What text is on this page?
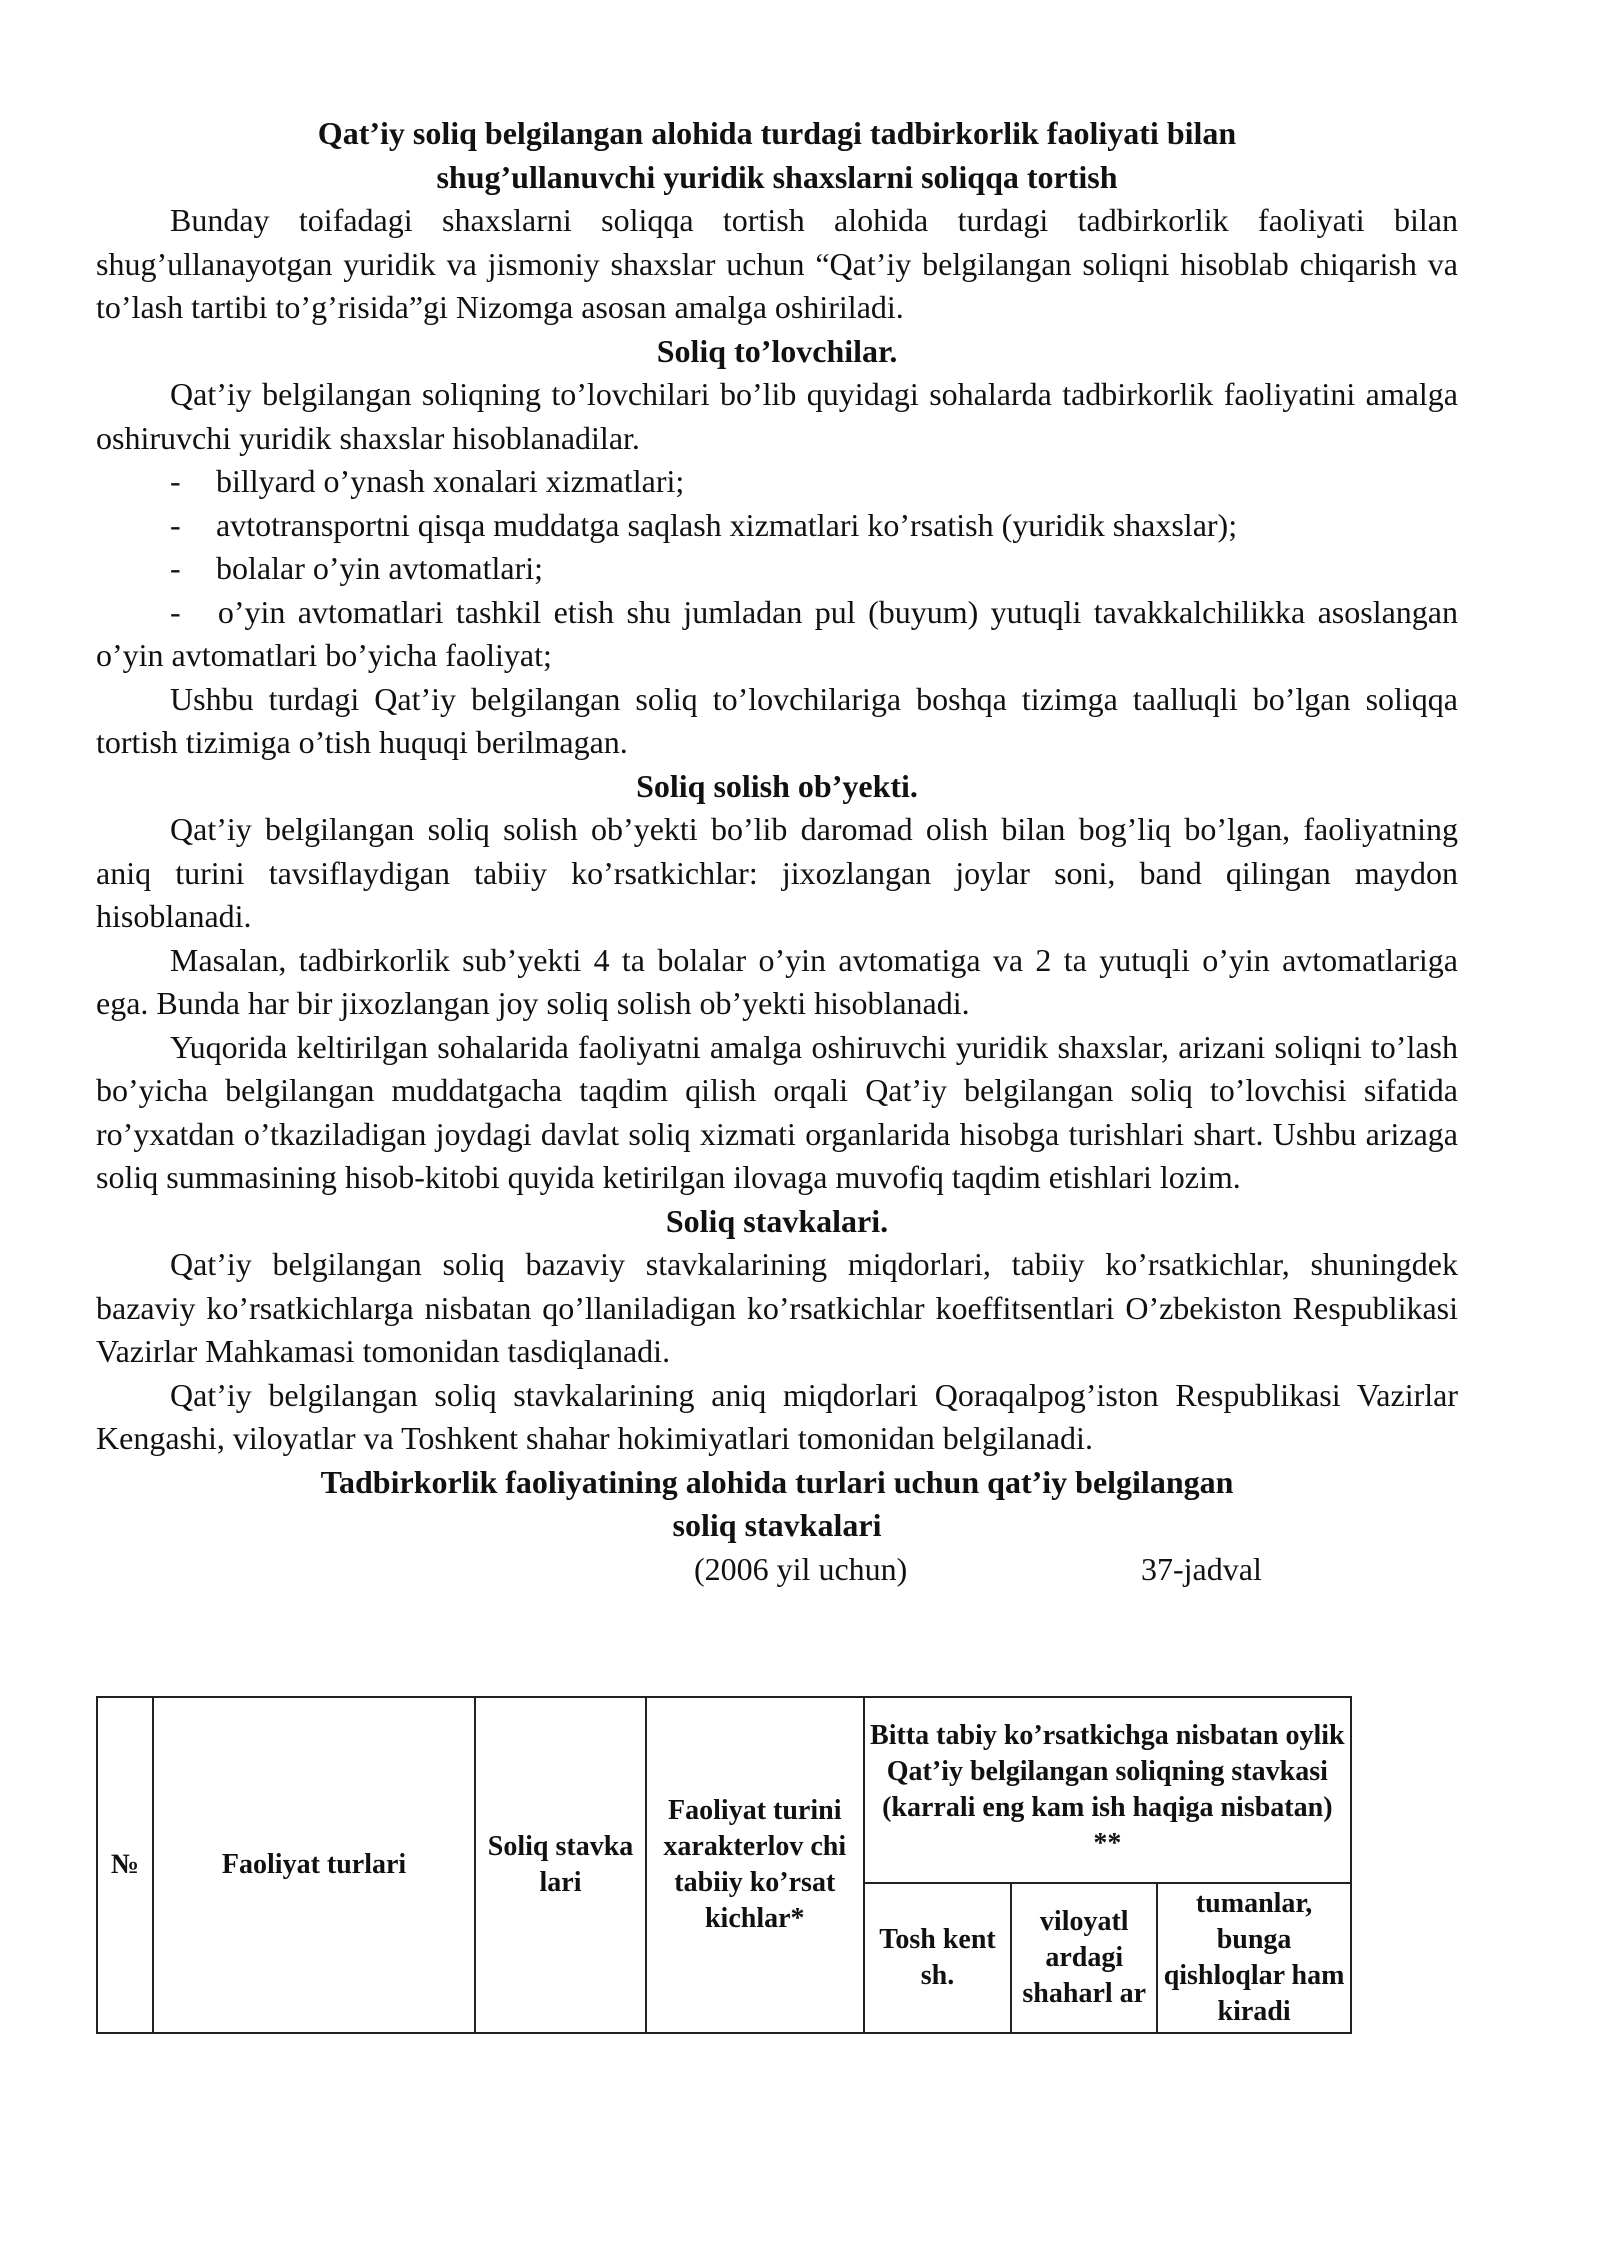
Qat’iy soliq belgilangan alohida turdagi tadbirkorlik faoliyati bilan
shug’ullanuvchi yuridik shaxslarni soliqqa tortish

Bunday toifadagi shaxslarni soliqqa tortish alohida turdagi tadbirkorlik faoliyati bilan shug’ullanayotgan yuridik va jismoniy shaxslar uchun “Qat’iy belgilangan soliqni hisoblab chiqarish va to’lash tartibi to’g’risida”gi Nizomga asosan amalga oshiriladi.

Soliq to’lovchilar.

Qat’iy belgilangan soliqning to’lovchilari bo’lib quyidagi sohalarda tadbirkorlik faoliyatini amalga oshiruvchi yuridik shaxslar hisoblanadilar.

-	billyard o’ynash xonalari xizmatlari;
-	avtotransportni qisqa muddatga saqlash xizmatlari ko’rsatish (yuridik shaxslar);
-	bolalar o’yin avtomatlari;

- o’yin avtomatlari tashkil etish shu jumladan pul (buyum) yutuqli tavakkalchilikka asoslangan o’yin avtomatlari bo’yicha faoliyat;

Ushbu turdagi Qat’iy belgilangan soliq to’lovchilariga boshqa tizimga taalluqli bo’lgan soliqqa tortish tizimiga o’tish huquqi berilmagan.

Soliq solish ob’yekti.

Qat’iy belgilangan soliq solish ob’yekti bo’lib daromad olish bilan bog’liq bo’lgan, faoliyatning aniq turini tavsiflaydigan tabiiy ko’rsatkichlar: jixozlangan joylar soni, band qilingan maydon hisoblanadi.

Masalan, tadbirkorlik sub’yekti 4 ta bolalar o’yin avtomatiga va 2 ta yutuqli o’yin avtomatlariga ega. Bunda har bir jixozlangan joy soliq solish ob’yekti hisoblanadi.

Yuqorida keltirilgan sohalarida faoliyatni amalga oshiruvchi yuridik shaxslar, arizani soliqni to’lash bo’yicha belgilangan muddatgacha taqdim qilish orqali Qat’iy belgilangan soliq to’lovchisi sifatida ro’yxatdan o’tkaziladigan joydagi davlat soliq xizmati organlarida hisobga turishlari shart. Ushbu arizaga soliq summasining hisob-kitobi quyida ketirilgan ilovaga muvofiq taqdim etishlari lozim.

Soliq stavkalari.

Qat’iy belgilangan soliq bazaviy stavkalarining miqdorlari, tabiiy ko’rsatkichlar, shuningdek bazaviy ko’rsatkichlarga nisbatan qo’llaniladigan ko’rsatkichlar koeffitsentlari O’zbekiston Respublikasi Vazirlar Mahkamasi tomonidan tasdiqlanadi.

Qat’iy belgilangan soliq stavkalarining aniq miqdorlari Qoraqalpog’iston Respublikasi Vazirlar Kengashi, viloyatlar va Toshkent shahar hokimiyatlari tomonidan belgilanadi.

Tadbirkorlik faoliyatining alohida turlari uchun qat’iy belgilangan
soliq stavkalari
(2006 yil uchun)	37-jadval
№	Faoliyat turlari	Soliq stavka lari	Faoliyat turini xarakterlov chi tabiiy ko’rsat kichlar*	Bitta tabiy ko’rsatkichga nisbatan oylik Qat’iy belgilangan soliqning stavkasi (karrali eng kam ish haqiga nisbatan) **		
				Tosh kent sh.	viloyatl ardagi shaharl ar	tumanlar, bunga qishloqlar ham kiradi
